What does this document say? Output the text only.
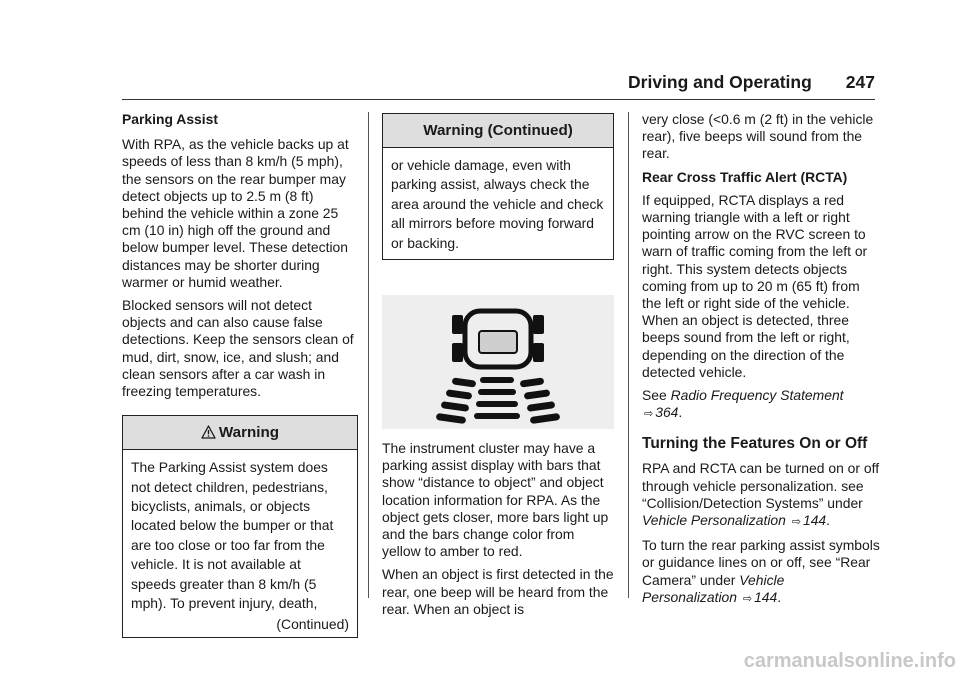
Driving and Operating 247

Parking Assist

With RPA, as the vehicle backs up at speeds of less than 8 km/h (5 mph), the sensors on the rear bumper may detect objects up to 2.5 m (8 ft) behind the vehicle within a zone 25 cm (10 in) high off the ground and below bumper level. These detection distances may be shorter during warmer or humid weather.

Blocked sensors will not detect objects and can also cause false detections. Keep the sensors clean of mud, dirt, snow, ice, and slush; and clean sensors after a car wash in freezing temperatures.

Warning
The Parking Assist system does not detect children, pedestrians, bicyclists, animals, or objects located below the bumper or that are too close or too far from the vehicle. It is not available at speeds greater than 8 km/h (5 mph). To prevent injury, death,
(Continued)
Warning (Continued)
or vehicle damage, even with parking assist, always check the area around the vehicle and check all mirrors before moving forward or backing.

The instrument cluster may have a parking assist display with bars that show “distance to object” and object location information for RPA. As the object gets closer, more bars light up and the bars change color from yellow to amber to red.

When an object is first detected in the rear, one beep will be heard from the rear. When an object is

very close (<0.6 m (2 ft) in the vehicle rear), five beeps will sound from the rear.

Rear Cross Traffic Alert (RCTA)

If equipped, RCTA displays a red warning triangle with a left or right pointing arrow on the RVC screen to warn of traffic coming from the left or right. This system detects objects coming from up to 20 m (65 ft) from the left or right side of the vehicle. When an object is detected, three beeps sound from the left or right, depending on the direction of the detected vehicle.

See Radio Frequency Statement ⇨ 364.

Turning the Features On or Off

RPA and RCTA can be turned on or off through vehicle personalization. see “Collision/Detection Systems” under Vehicle Personalization ⇨ 144.

To turn the rear parking assist symbols or guidance lines on or off, see “Rear Camera” under Vehicle Personalization ⇨ 144.

carmanualsonline.info
